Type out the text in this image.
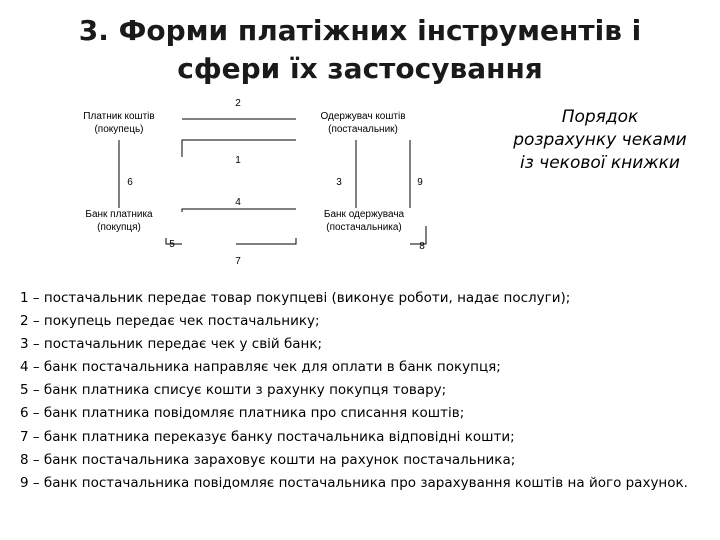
3. Форми платіжних інструментів і сфери їх застосування
Платник коштів
(покупець)
Одержувач коштів
(постачальник)
Банк платника
(покупця)
Банк одержувача
(постачальника)
2
1
6	3	9
4
5	8
7
Порядок розрахунку чеками із чекової книжки
1 – постачальник передає товар покупцеві (виконує роботи, надає послуги);
2 – покупець передає чек постачальнику;
3 – постачальник передає чек у свій банк;
4 – банк постачальника направляє чек для оплати в банк покупця;
5 – банк платника списує кошти з рахунку покупця товару;
6 – банк платника повідомляє платника про списання коштів;
7 – банк платника переказує банку постачальника відповідні кошти;
8 – банк постачальника зараховує кошти на рахунок постачальника;
9 – банк постачальника повідомляє постачальника про зарахування коштів на його рахунок.
